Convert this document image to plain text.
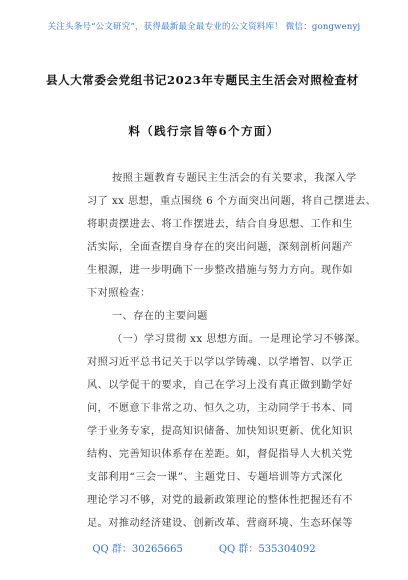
关注头条号“公文研究”，获得最新最全最专业的公文资料库！ 微信：gongwenyj
县人大常委会党组书记2023年专题民主生活会对照检查材
料（践行宗旨等6个方面）
按照主题教育专题民主生活会的有关要求，我深入学
习了 xx 思想，重点围绕 6 个方面突出问题，将自己摆进去、
将职责摆进去、将工作摆进去，结合自身思想、工作和生
活实际，全面查摆自身存在的突出问题，深刻剖析问题产
生根源，进一步明确下一步整改措施与努力方向。现作如
下对照检查：
一、存在的主要问题
（一）学习贯彻 xx 思想方面。一是理论学习不够深。
对照习近平总书记关于以学以学铸魂、以学增智、以学正
风、以学促干的要求，自己在学习上没有真正做到勤学好
问，不愿意下非常之功、恒久之功，主动同学于书本、同
学于业务专家，提高知识储备、加快知识更新、优化知识
结构、完善知识体系存在差距。如，督促指导人大机关党
支部利用“三会一课”、主题党日、专题培训等方式深化
理论学习不够，对党的最新政策理论的整体性把握还有不
足。对推动经济建设、创新改革、营商环境、生态环保等
QQ 群：30265665	QQ 群：535304092
